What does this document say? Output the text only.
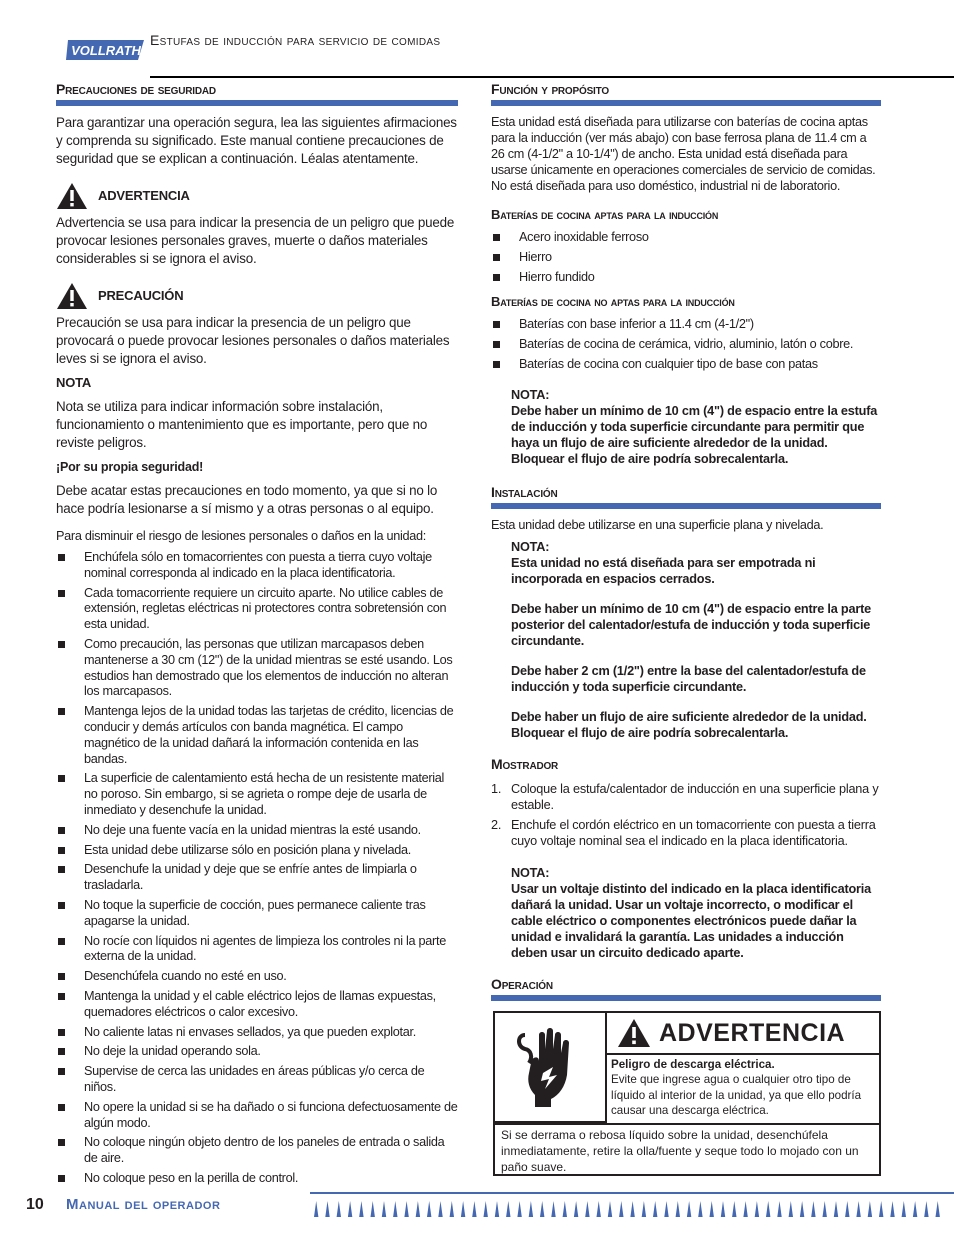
VOLLRATH
Estufas de inducción para servicio de comidas
Precauciones de seguridad

Para garantizar una operación segura, lea las siguientes afirmaciones y comprenda su significado. Este manual contiene precauciones de seguridad que se explican a continuación. Léalas atentamente.

ADVERTENCIA

Advertencia se usa para indicar la presencia de un peligro que puede provocar lesiones personales graves, muerte o daños materiales considerables si se ignora el aviso.

PRECAUCIÓN

Precaución se usa para indicar la presencia de un peligro que provocará o puede provocar lesiones personales o daños materiales leves si se ignora el aviso.

NOTA

Nota se utiliza para indicar información sobre instalación, funcionamiento o mantenimiento que es importante, pero que no reviste peligros.

¡Por su propia seguridad!

Debe acatar estas precauciones en todo momento, ya que si no lo hace podría lesionarse a sí mismo y a otras personas o al equipo.

Para disminuir el riesgo de lesiones personales o daños en la unidad:

Enchúfela sólo en tomacorrientes con puesta a tierra cuyo voltaje nominal corresponda al indicado en la placa identificatoria.
Cada tomacorriente requiere un circuito aparte. No utilice cables de extensión, regletas eléctricas ni protectores contra sobretensión con esta unidad.
Como precaución, las personas que utilizan marcapasos deben mantenerse a 30 cm (12") de la unidad mientras se esté usando. Los estudios han demostrado que los elementos de inducción no alteran los marcapasos.
Mantenga lejos de la unidad todas las tarjetas de crédito, licencias de conducir y demás artículos con banda magnética. El campo magnético de la unidad dañará la información contenida en las bandas.
La superficie de calentamiento está hecha de un resistente material no poroso. Sin embargo, si se agrieta o rompe deje de usarla de inmediato y desenchufe la unidad.
No deje una fuente vacía en la unidad mientras la esté usando.
Esta unidad debe utilizarse sólo en posición plana y nivelada.
Desenchufe la unidad y deje que se enfríe antes de limpiarla o trasladarla.
No toque la superficie de cocción, pues permanece caliente tras apagarse la unidad.
No rocíe con líquidos ni agentes de limpieza los controles ni la parte externa de la unidad.
Desenchúfela cuando no esté en uso.
Mantenga la unidad y el cable eléctrico lejos de llamas expuestas, quemadores eléctricos o calor excesivo.
No caliente latas ni envases sellados, ya que pueden explotar.
No deje la unidad operando sola.
Supervise de cerca las unidades en áreas públicas y/o cerca de niños.
No opere la unidad si se ha dañado o si funciona defectuosamente de algún modo.
No coloque ningún objeto dentro de los paneles de entrada o salida de aire.
No coloque peso en la perilla de control.
Función y propósito

Esta unidad está diseñada para utilizarse con baterías de cocina aptas para la inducción (ver más abajo) con base ferrosa plana de 11.4 cm a 26 cm (4-1/2" a 10-1/4") de ancho. Esta unidad está diseñada para usarse únicamente en operaciones comerciales de servicio de comidas. No está diseñada para uso doméstico, industrial ni de laboratorio.

Baterías de cocina aptas para la inducción
Acero inoxidable ferroso
Hierro
Hierro fundido
Baterías de cocina no aptas para la inducción
Baterías con base inferior a 11.4 cm (4-1/2")
Baterías de cocina de cerámica, vidrio, aluminio, latón o cobre.
Baterías de cocina con cualquier tipo de base con patas
NOTA:
Debe haber un mínimo de 10 cm (4") de espacio entre la estufa de inducción y toda superficie circundante para permitir que haya un flujo de aire suficiente alrededor de la unidad. Bloquear el flujo de aire podría sobrecalentarla.
Instalación

Esta unidad debe utilizarse en una superficie plana y nivelada.

NOTA:
Esta unidad no está diseñada para ser empotrada ni incorporada en espacios cerrados.
Debe haber un mínimo de 10 cm (4") de espacio entre la parte posterior del calentador/estufa de inducción y toda superficie circundante.
Debe haber 2 cm (1/2") entre la base del calentador/estufa de inducción y toda superficie circundante.
Debe haber un flujo de aire suficiente alrededor de la unidad. Bloquear el flujo de aire podría sobrecalentarla.
Mostrador
1. Coloque la estufa/calentador de inducción en una superficie plana y estable.
2. Enchufe el cordón eléctrico en un tomacorriente con puesta a tierra cuyo voltaje nominal sea el indicado en la placa identificatoria.
NOTA:
Usar un voltaje distinto del indicado en la placa identificatoria dañará la unidad. Usar un voltaje incorrecto, o modificar el cable eléctrico o componentes electrónicos puede dañar la unidad e invalidará la garantía. Las unidades a inducción deben usar un circuito dedicado aparte.
Operación
ADVERTENCIA
Peligro de descarga eléctrica.
Evite que ingrese agua o cualquier otro tipo de líquido al interior de la unidad, ya que ello podría causar una descarga eléctrica.
Si se derrama o rebosa líquido sobre la unidad, desenchúfela inmediatamente, retire la olla/fuente y seque todo lo mojado con un paño suave.
10 Manual del operador
